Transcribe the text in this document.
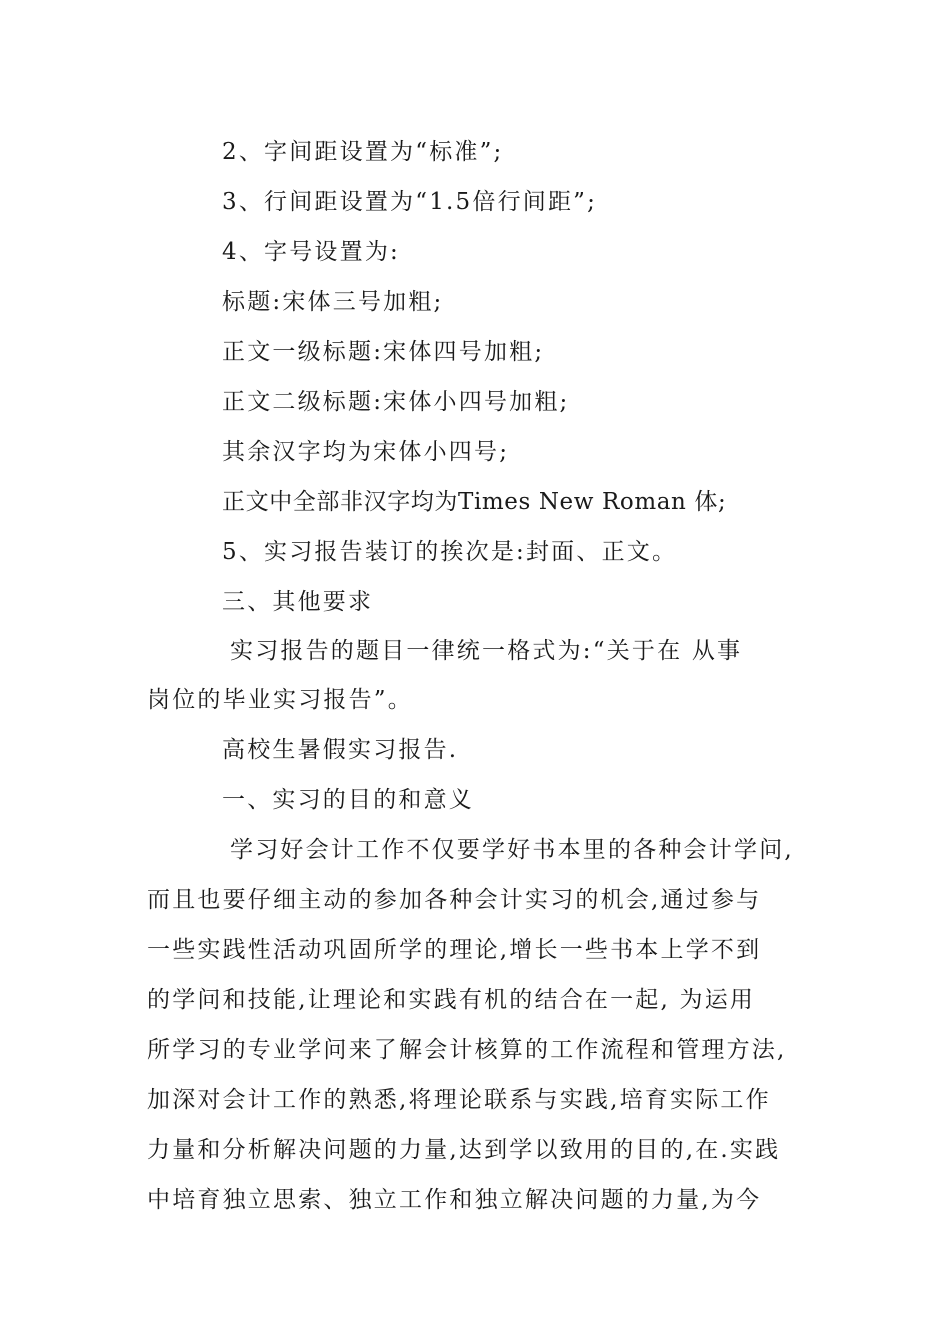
2、字间距设置为“标准”;
3、行间距设置为“1.5倍行间距”;
4、字号设置为:
标题:宋体三号加粗;
正文一级标题:宋体四号加粗;
正文二级标题:宋体小四号加粗;
其余汉字均为宋体小四号;
正文中全部非汉字均为Times New Roman 体;
5、实习报告装订的挨次是:封面、正文。
三、其他要求
实习报告的题目一律统一格式为:“关于在 从事
岗位的毕业实习报告”。
高校生暑假实习报告.
一、实习的目的和意义
学习好会计工作不仅要学好书本里的各种会计学问,
而且也要仔细主动的参加各种会计实习的机会,通过参与
一些实践性活动巩固所学的理论,增长一些书本上学不到
的学问和技能,让理论和实践有机的结合在一起, 为运用
所学习的专业学问来了解会计核算的工作流程和管理方法,
加深对会计工作的熟悉,将理论联系与实践,培育实际工作
力量和分析解决问题的力量,达到学以致用的目的,在.实践
中培育独立思索、独立工作和独立解决问题的力量,为今
